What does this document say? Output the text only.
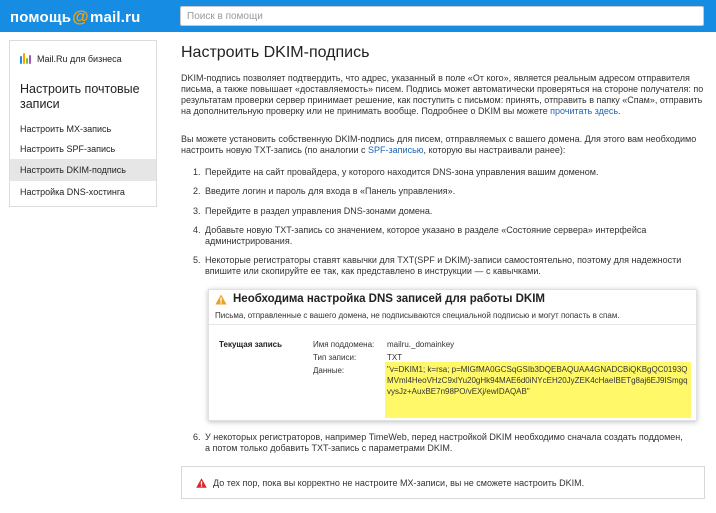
помощь @ mail.ru
Поиск в помощи
Mail.Ru для бизнеса
Настроить почтовые записи
Настроить MX-запись
Настроить SPF-запись
Настроить DKIM-подпись
Настройка DNS-хостинга
Настроить DKIM-подпись
DKIM-подпись позволяет подтвердить, что адрес, указанный в поле «От кого», является реальным адресом отправителя письма, а также повышает «доставляемость» писем. Подпись может автоматически проверяться на стороне получателя: по результатам проверки сервер принимает решение, как поступить с письмом: принять, отправить в папку «Спам», отправить на дополнительную проверку или не принимать вообще. Подробнее о DKIM вы можете прочитать здесь.
Вы можете установить собственную DKIM-подпись для писем, отправляемых с вашего домена. Для этого вам необходимо настроить новую TXT-запись (по аналогии с SPF-записью, которую вы настраивали ранее):
1. Перейдите на сайт провайдера, у которого находится DNS-зона управления вашим доменом.
2. Введите логин и пароль для входа в «Панель управления».
3. Перейдите в раздел управления DNS-зонами домена.
4. Добавьте новую TXT-запись со значением, которое указано в разделе «Состояние сервера» интерфейса администрирования.
5. Некоторые регистраторы ставят кавычки для TXT(SPF и DKIM)-записи самостоятельно, поэтому для надежности впишите или скопируйте ее так, как представлено в инструкции — с кавычками.
6. У некоторых регистраторов, например TimeWeb, перед настройкой DKIM необходимо сначала создать поддомен, а потом только добавить TXT-запись с параметрами DKIM.
Необходима настройка DNS записей для работы DKIM
Письма, отправленные с вашего домена, не подписываются специальной подписью и могут попасть в спам.
Текущая запись	Имя поддомена: mailru._domainkey
Тип записи:	TXT
Данные:	"v=DKIM1; k=rsa; p=MIGfMA0GCSqGSIb3DQEBAQUAA4GNADCBiQKBgQC0193QMVml4HeoVHzC9xlYu20gHk94MAE6d0iNYcEH20JyZEK4cHaeIBETg8aj6EJ9ISmgqvysJz+AuxBE7n98PO/vEXj/ewIDAQAB"
До тех пор, пока вы корректно не настроите MX-записи, вы не сможете настроить DKIM.
